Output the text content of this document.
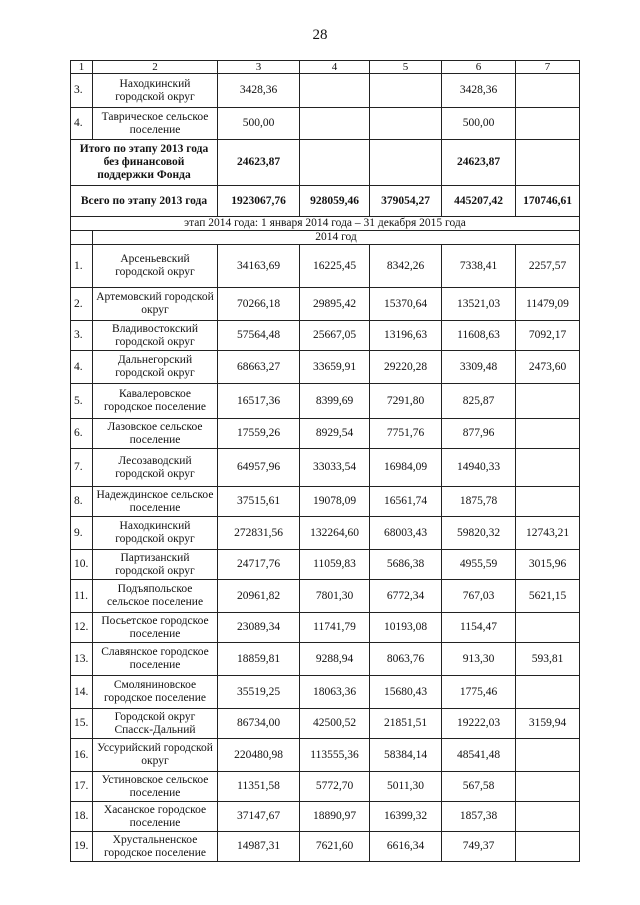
28
1	2	3	4	5	6	7
3.	Находкинский городской округ	3428,36			3428,36	
4.	Таврическое сельское поселение	500,00			500,00	
Итого по этапу 2013 года без финансовой поддержки Фонда		24623,87			24623,87	
Всего по этапу 2013 года		1923067,76	928059,46	379054,27	445207,42	170746,61
этап 2014 года: 1 января 2014 года – 31 декабря 2015 года						
	2014 год					
1.	Арсеньевский городской округ	34163,69	16225,45	8342,26	7338,41	2257,57
2.	Артемовский городской округ	70266,18	29895,42	15370,64	13521,03	11479,09
3.	Владивостокский городской округ	57564,48	25667,05	13196,63	11608,63	7092,17
4.	Дальнегорский городской округ	68663,27	33659,91	29220,28	3309,48	2473,60
5.	Кавалеровское городское поселение	16517,36	8399,69	7291,80	825,87	
6.	Лазовское сельское поселение	17559,26	8929,54	7751,76	877,96	
7.	Лесозаводский городской округ	64957,96	33033,54	16984,09	14940,33	
8.	Надеждинское сельское поселение	37515,61	19078,09	16561,74	1875,78	
9.	Находкинский городской округ	272831,56	132264,60	68003,43	59820,32	12743,21
10.	Партизанский городской округ	24717,76	11059,83	5686,38	4955,59	3015,96
11.	Подъяпольское сельское поселение	20961,82	7801,30	6772,34	767,03	5621,15
12.	Посьетское городское поселение	23089,34	11741,79	10193,08	1154,47	
13.	Славянское городское поселение	18859,81	9288,94	8063,76	913,30	593,81
14.	Смоляниновское городское поселение	35519,25	18063,36	15680,43	1775,46	
15.	Городской округ Спасск-Дальний	86734,00	42500,52	21851,51	19222,03	3159,94
16.	Уссурийский городской округ	220480,98	113555,36	58384,14	48541,48	
17.	Устиновское сельское поселение	11351,58	5772,70	5011,30	567,58	
18.	Хасанское городское поселение	37147,67	18890,97	16399,32	1857,38	
19.	Хрустальненское городское поселение	14987,31	7621,60	6616,34	749,37	
